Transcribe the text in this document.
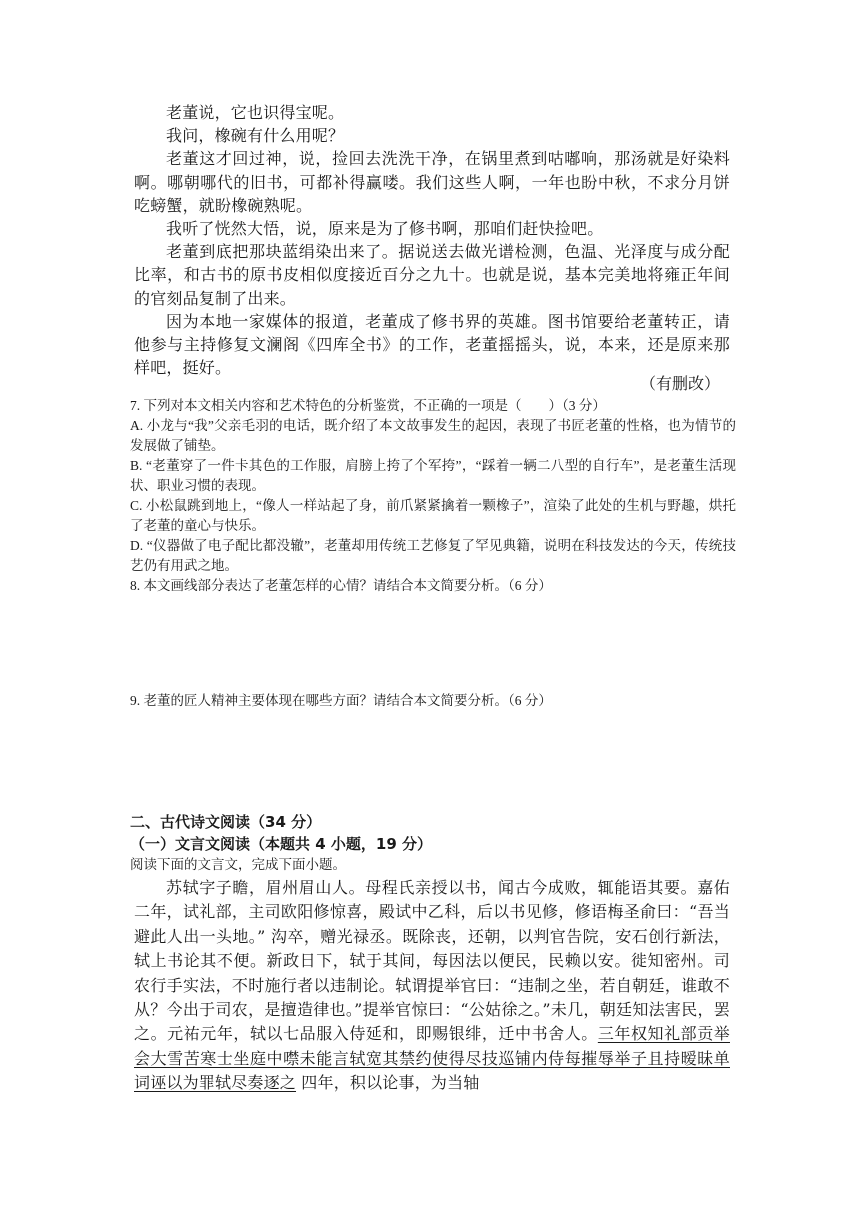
老董说，它也识得宝呢。

我问，橡碗有什么用呢？

老董这才回过神，说，捡回去洗洗干净，在锅里煮到咕嘟响，那汤就是好染料啊。哪朝哪代的旧书，可都补得赢喽。我们这些人啊，一年也盼中秋，不求分月饼吃螃蟹，就盼橡碗熟呢。

我听了恍然大悟，说，原来是为了修书啊，那咱们赶快捡吧。

老董到底把那块蓝绢染出来了。据说送去做光谱检测，色温、光泽度与成分配比率，和古书的原书皮相似度接近百分之九十。也就是说，基本完美地将雍正年间的官刻品复制了出来。

因为本地一家媒体的报道，老董成了修书界的英雄。图书馆要给老董转正，请他参与主持修复文澜阁《四库全书》的工作，老董摇摇头，说，本来，还是原来那样吧，挺好。

（有删改）

7. 下列对本文相关内容和艺术特色的分析鉴赏，不正确的一项是（　　）（3 分）

A. 小龙与“我”父亲毛羽的电话，既介绍了本文故事发生的起因，表现了书匠老董的性格，也为情节的发展做了铺垫。

B. “老董穿了一件卡其色的工作服，肩膀上挎了个军挎”，“踩着一辆二八型的自行车”，是老董生活现状、职业习惯的表现。

C. 小松鼠跳到地上，“像人一样站起了身，前爪紧紧擒着一颗橡子”，渲染了此处的生机与野趣，烘托了老董的童心与快乐。

D. “仪器做了电子配比都没辙”，老董却用传统工艺修复了罕见典籍，说明在科技发达的今天，传统技艺仍有用武之地。

8. 本文画线部分表达了老董怎样的心情？请结合本文简要分析。（6 分）

9. 老董的匠人精神主要体现在哪些方面？请结合本文简要分析。（6 分）

二、古代诗文阅读（34 分）

（一）文言文阅读（本题共 4 小题，19 分）

阅读下面的文言文，完成下面小题。

苏轼字子瞻，眉州眉山人。母程氏亲授以书，闻古今成败，辄能语其要。嘉佑二年，试礼部，主司欧阳修惊喜，殿试中乙科，后以书见修，修语梅圣俞曰：“吾当避此人出一头地。” 沟卒，赠光禄丞。既除丧，还朝，以判官告院，安石创行新法，轼上书论其不便。新政日下，轼于其间，每因法以便民，民赖以安。徙知密州。司农行手实法，不时施行者以违制论。轼谓提举官曰：“违制之坐，若自朝廷，谁敢不从？今出于司农，是擅造律也。”提举官惊曰：“公姑徐之。”未几，朝廷知法害民，罢之。元祐元年，轼以七品服入侍延和，即赐银绯，迁中书舍人。三年权知礼部贡举会大雪苦寒士坐庭中噤未能言轼宽其禁约使得尽技巡铺内侍每摧辱举子且持暧昧单词诬以为罪轼尽奏逐之 四年，积以论事，为当轴
